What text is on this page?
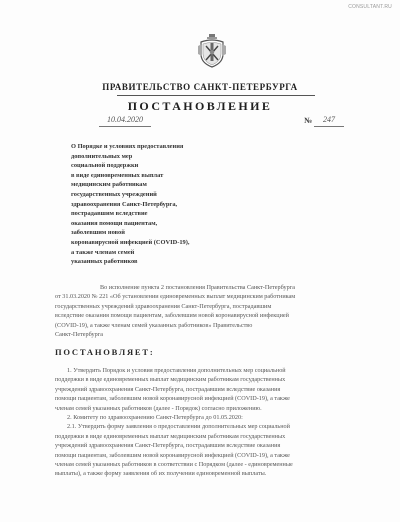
CONSULTANT.RU
ПРАВИТЕЛЬСТВО САНКТ-ПЕТЕРБУРГА
ПОСТАНОВЛЕНИЕ
10.04.2020	№	247
О Порядке и условиях предоставления
дополнительных мер
социальной поддержки
в виде единовременных выплат
медицинским работникам
государственных учреждений
здравоохранения Санкт-Петербурга,
пострадавшим вследствие
оказания помощи пациентам,
заболевшим новой
коронавирусной инфекцией (COVID-19),
а также членам семей
указанных работников
Во исполнение пункта 2 постановления Правительства Санкт-Петербурга
от 31.03.2020 № 221 «Об установлении единовременных выплат медицинским работникам
государственных учреждений здравоохранения Санкт-Петербурга, пострадавшим
вследствие оказания помощи пациентам, заболевшим новой коронавирусной инфекцией
(COVID-19), а также членам семей указанных работников» Правительство
Санкт-Петербурга
ПОСТАНОВЛЯЕТ:
1. Утвердить Порядок и условия предоставления дополнительных мер социальной
поддержки в виде единовременных выплат медицинским работникам государственных
учреждений здравоохранения Санкт-Петербурга, пострадавшим вследствие оказания
помощи пациентам, заболевшим новой коронавирусной инфекцией (COVID-19), а также
членам семей указанных работников (далее - Порядок) согласно приложению.
2. Комитету по здравоохранению Санкт-Петербурга до 01.05.2020:
2.1. Утвердить форму заявления о предоставлении дополнительных мер социальной
поддержки в виде единовременных выплат медицинским работникам государственных
учреждений здравоохранения Санкт-Петербурга, пострадавшим вследствие оказания
помощи пациентам, заболевшим новой коронавирусной инфекцией (COVID-19), а также
членам семей указанных работников в соответствии с Порядком (далее - единовременные
выплаты), а также форму заявления об их получении единовременной выплаты.
